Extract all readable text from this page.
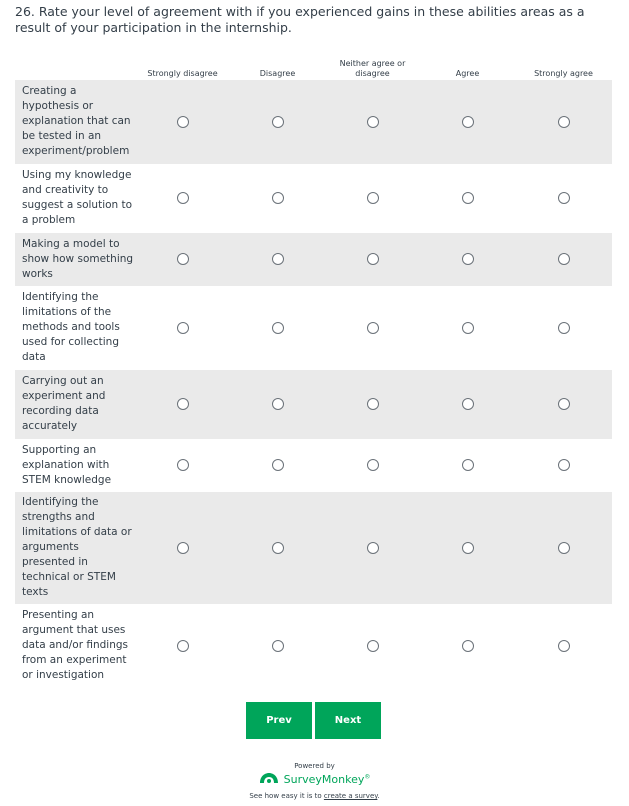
26. Rate your level of agreement with if you experienced gains in these abilities areas as a result of your participation in the internship.
	Strongly disagree	Disagree	Neither agree or disagree	Agree	Strongly agree
Creating a hypothesis or explanation that can be tested in an experiment/problem					
Using my knowledge and creativity to suggest a solution to a problem					
Making a model to show how something works					
Identifying the limitations of the methods and tools used for collecting data					
Carrying out an experiment and recording data accurately					
Supporting an explanation with STEM knowledge					
Identifying the strengths and limitations of data or arguments presented in technical or STEM texts					
Presenting an argument that uses data and/or findings from an experiment or investigation					
Prev	Next
Powered by
SurveyMonkey®
See how easy it is to create a survey.
